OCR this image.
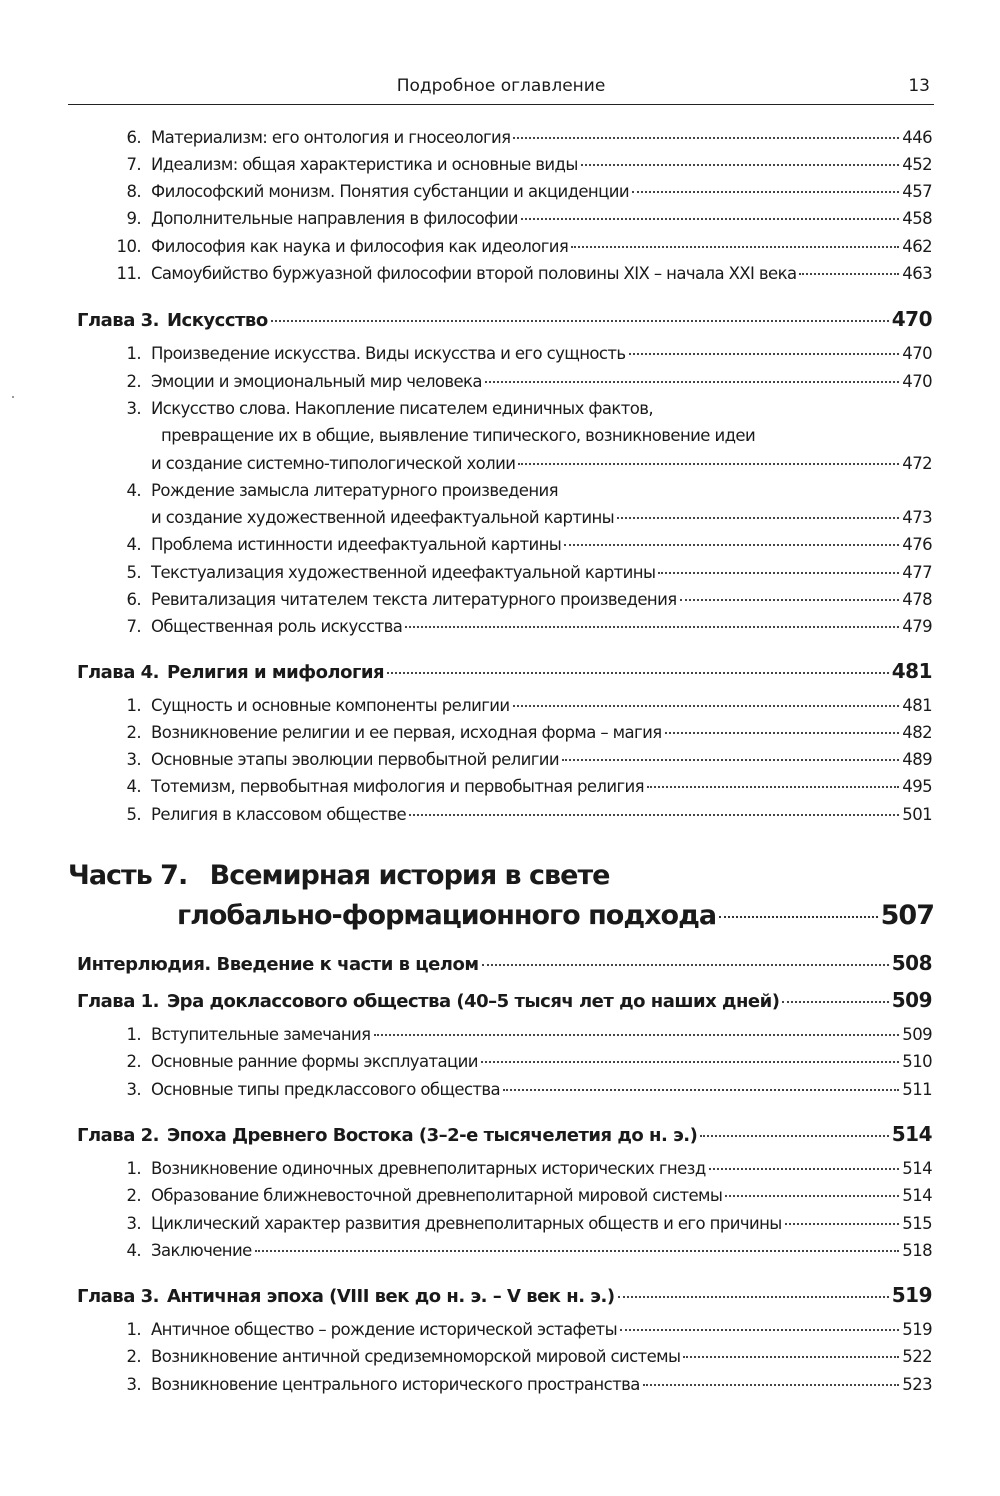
Подробное оглавление	13
6. Материализм: его онтология и гносеология	446
7. Идеализм: общая характеристика и основные виды	452
8. Философский монизм. Понятия субстанции и акциденции	457
9. Дополнительные направления в философии	458
10. Философия как наука и философия как идеология	462
11. Самоубийство буржуазной философии второй половины XIX – начала XXI века	463
Глава 3. Искусство	470
1. Произведение искусства. Виды искусства и его сущность	470
2. Эмоции и эмоциональный мир человека	470
3. Искусство слова. Накопление писателем единичных фактов,
превращение их в общие, выявление типического, возникновение идеи
и создание системно-типологической холии	472
4. Рождение замысла литературного произведения
и создание художественной идеефактуальной картины	473
4. Проблема истинности идеефактуальной картины	476
5. Текстуализация художественной идеефактуальной картины	477
6. Ревитализация читателем текста литературного произведения	478
7. Общественная роль искусства	479
Глава 4. Религия и мифология	481
1. Сущность и основные компоненты религии	481
2. Возникновение религии и ее первая, исходная форма – магия	482
3. Основные этапы эволюции первобытной религии	489
4. Тотемизм, первобытная мифология и первобытная религия	495
5. Религия в классовом обществе	501
Часть 7. Всемирная история в свете
глобально-формационного подхода	507
Интерлюдия. Введение к части в целом	508
Глава 1. Эра доклассового общества (40–5 тысяч лет до наших дней)	509
1. Вступительные замечания	509
2. Основные ранние формы эксплуатации	510
3. Основные типы предклассового общества	511
Глава 2. Эпоха Древнего Востока (3–2-е тысячелетия до н. э.)	514
1. Возникновение одиночных древнеполитарных исторических гнезд	514
2. Образование ближневосточной древнеполитарной мировой системы	514
3. Циклический характер развития древнеполитарных обществ и его причины	515
4. Заключение	518
Глава 3. Античная эпоха (VIII век до н. э. – V век н. э.)	519
1. Античное общество – рождение исторической эстафеты	519
2. Возникновение античной средиземноморской мировой системы	522
3. Возникновение центрального исторического пространства	523
